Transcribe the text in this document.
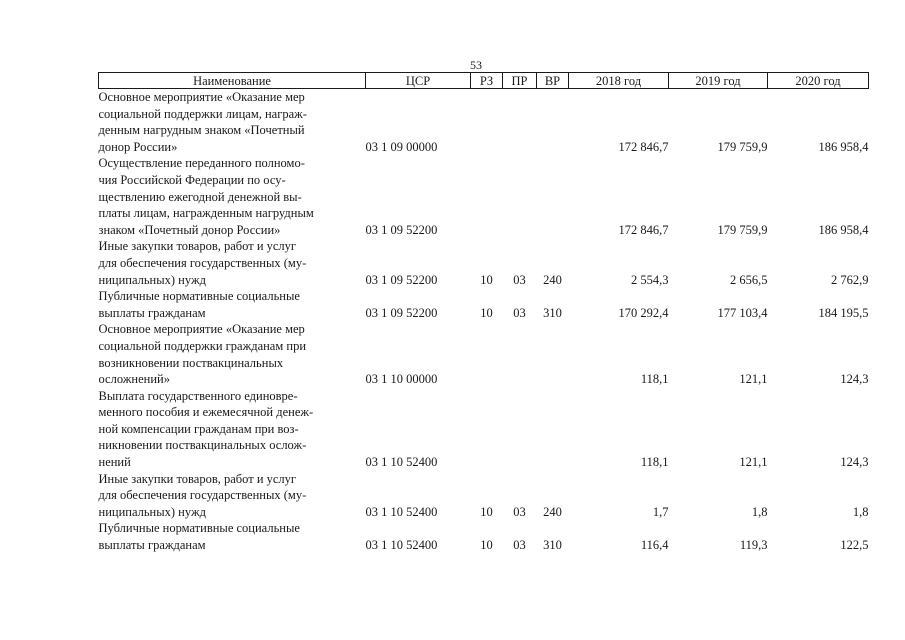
53
Наименование	ЦСР	РЗ	ПР	ВР	2018 год	2019 год	2020 год

Основное мероприятие «Оказание мер
социальной поддержки лицам, награж-
денным нагрудным знаком «Почетный
донор России»	03 1 09 00000				172 846,7	179 759,9	186 958,4

Осуществление переданного полномо-
чия Российской Федерации по осу-
ществлению ежегодной денежной вы-
платы лицам, награжденным нагрудным
знаком «Почетный донор России»	03 1 09 52200				172 846,7	179 759,9	186 958,4

Иные закупки товаров, работ и услуг
для обеспечения государственных (му-
ниципальных) нужд	03 1 09 52200	10	03	240	2 554,3	2 656,5	2 762,9

Публичные нормативные социальные
выплаты гражданам	03 1 09 52200	10	03	310	170 292,4	177 103,4	184 195,5

Основное мероприятие «Оказание мер
социальной поддержки гражданам при
возникновении поствакцинальных
осложнений»	03 1 10 00000				118,1	121,1	124,3

Выплата государственного единовре-
менного пособия и ежемесячной денеж-
ной компенсации гражданам при воз-
никновении поствакцинальных ослож-
нений	03 1 10 52400				118,1	121,1	124,3

Иные закупки товаров, работ и услуг
для обеспечения государственных (му-
ниципальных) нужд	03 1 10 52400	10	03	240	1,7	1,8	1,8

Публичные нормативные социальные
выплаты гражданам	03 1 10 52400	10	03	310	116,4	119,3	122,5
